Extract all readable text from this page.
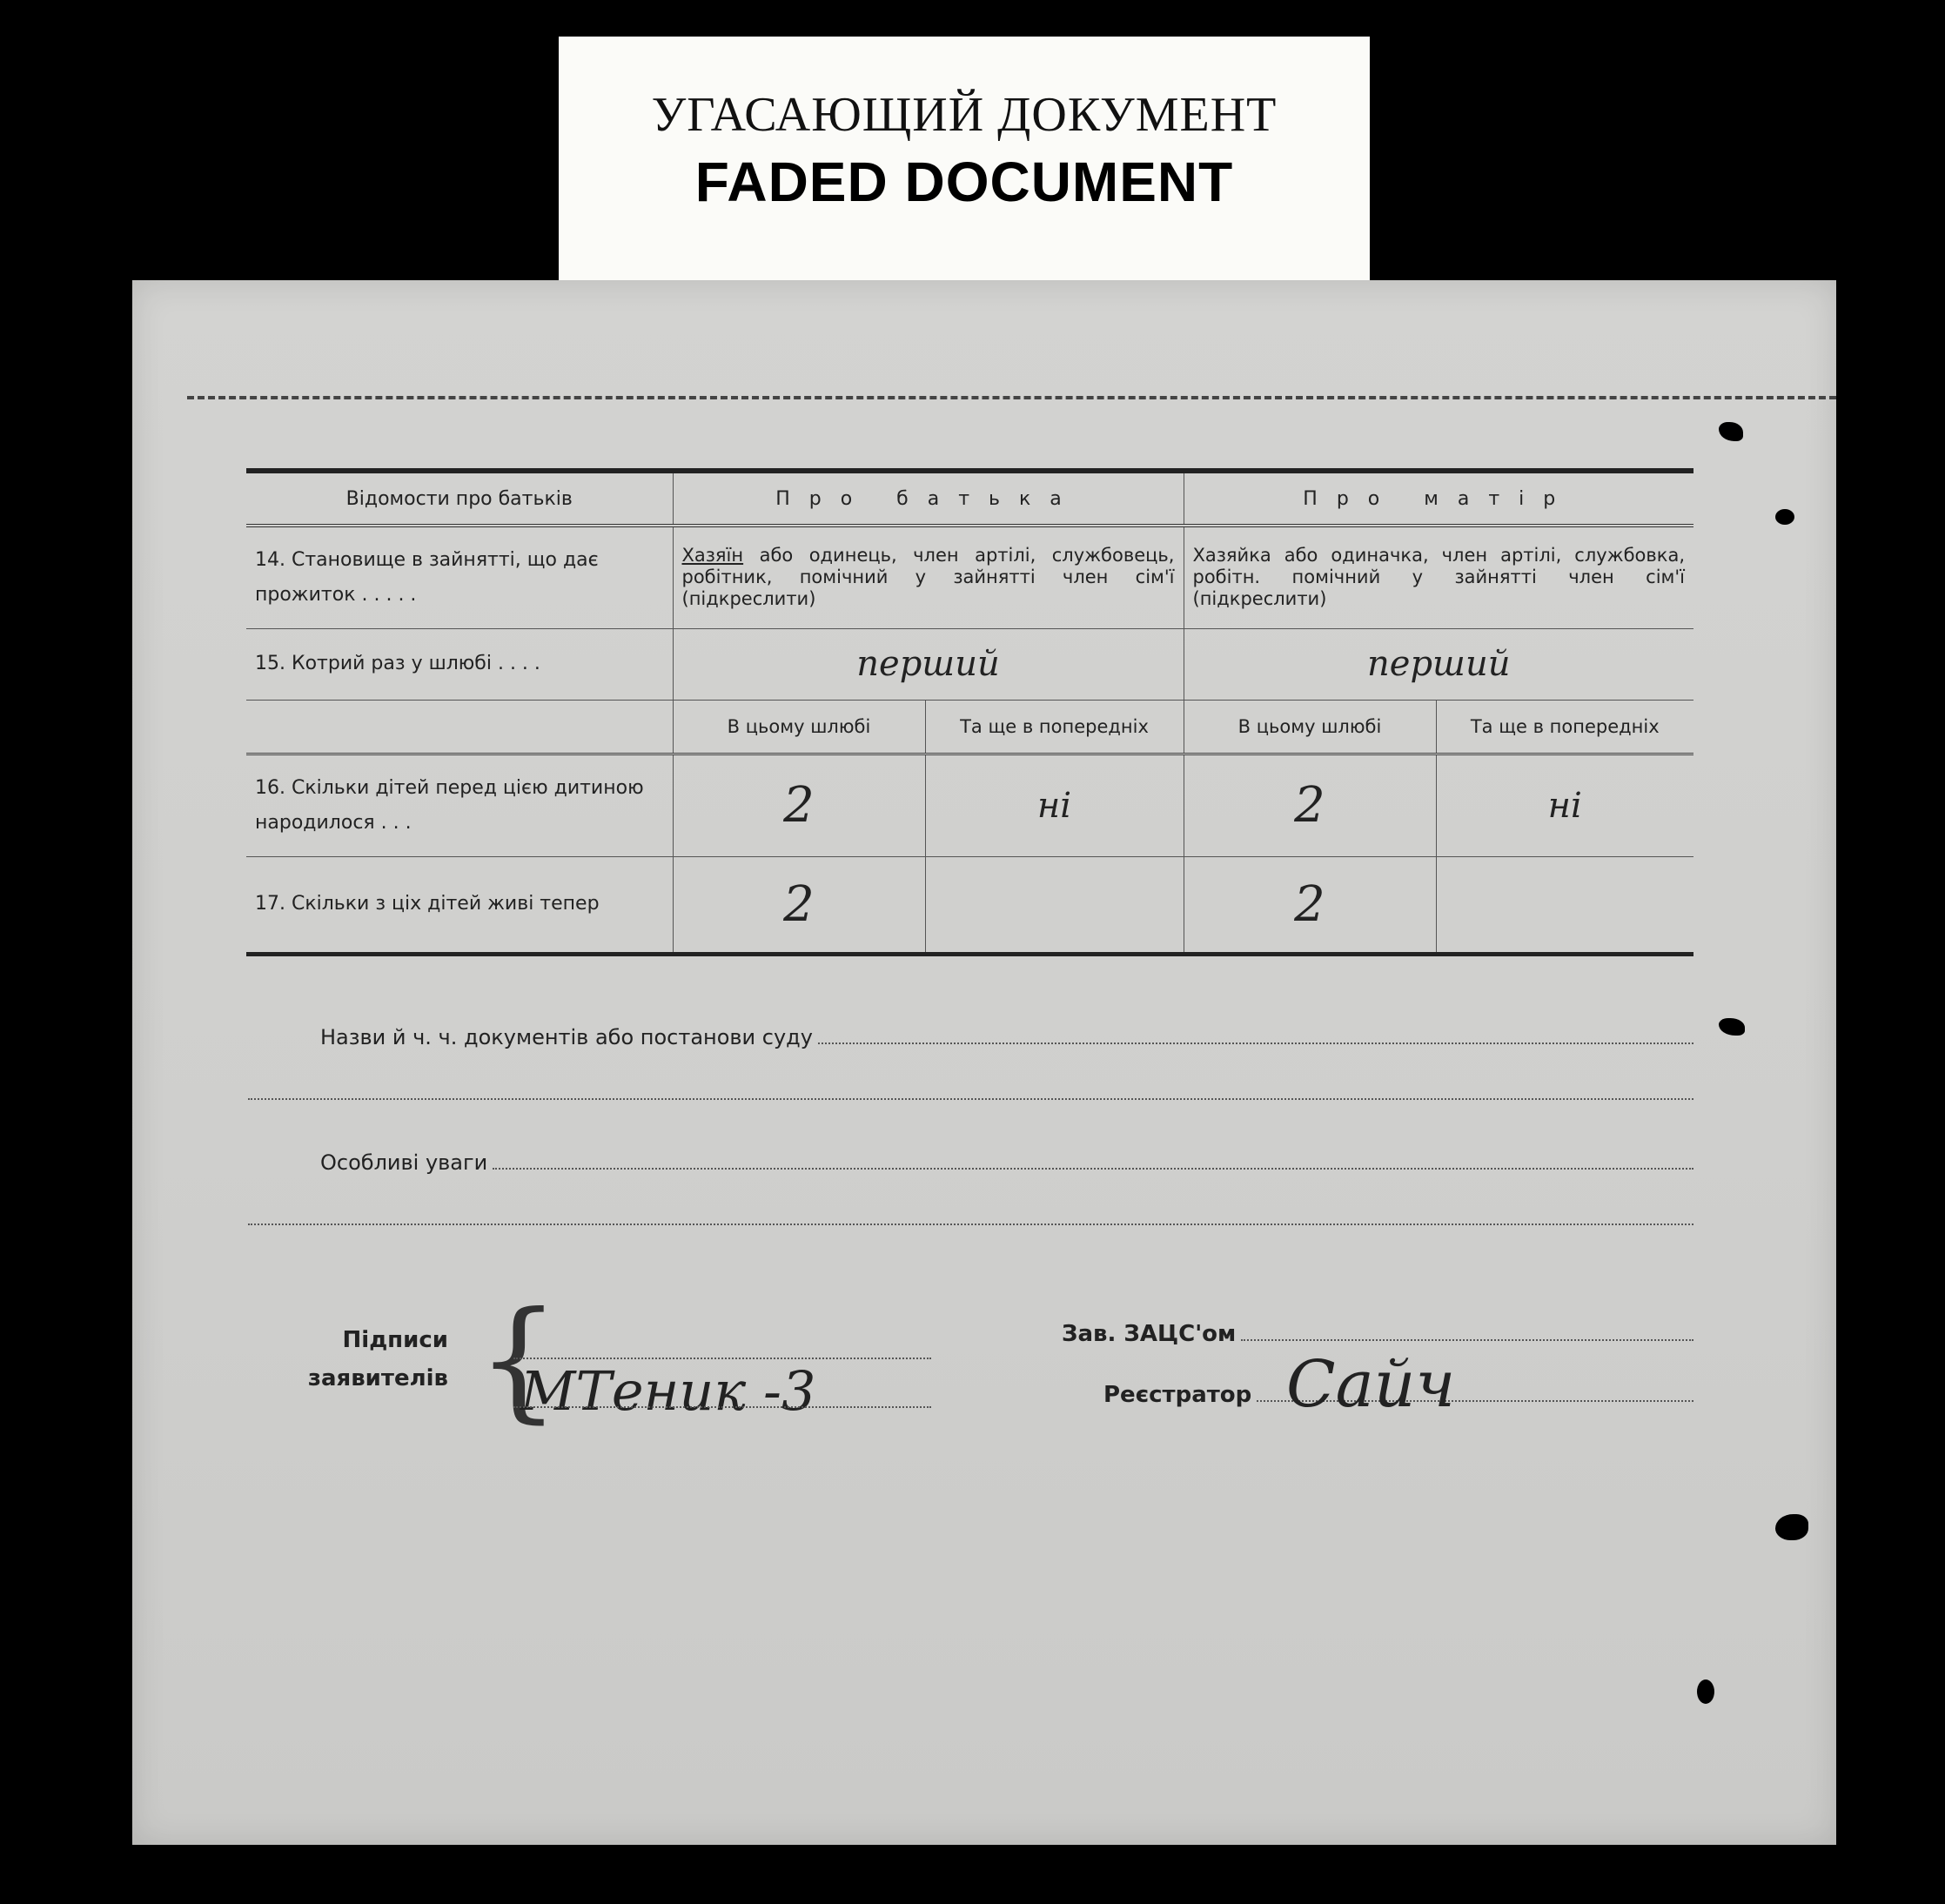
УГАСАЮЩИЙ ДОКУМЕНТ
FADED DOCUMENT
Відомости про батьків	Про батька		Про матір	
14. Становище в зайнятті, що дає прожиток . . . . .	Хазяїн або одинець, член артілі, службовець, робітник, помічний у зайнятті член сім'ї (підкреслити)		Хазяйка або одиначка, член артілі, службовка, робітн. помічний у зайнятті член сім'ї (підкреслити)	
15. Котрий раз у шлюбі . . . .	перший		перший	
	В цьому шлюбі	Та ще в попередніх	В цьому шлюбі	Та ще в попередніх
16. Скільки дітей перед цією дитиною народилося . . .	2	ні	2	ні
17. Скільки з ціх дітей живі тепер	2		2	
Назви й ч. ч. документів або постанови суду
Особливі уваги
Підписи
заявителів {
МТеник -3
Зав. ЗАЦС'ом
Реєстратор Сайч
